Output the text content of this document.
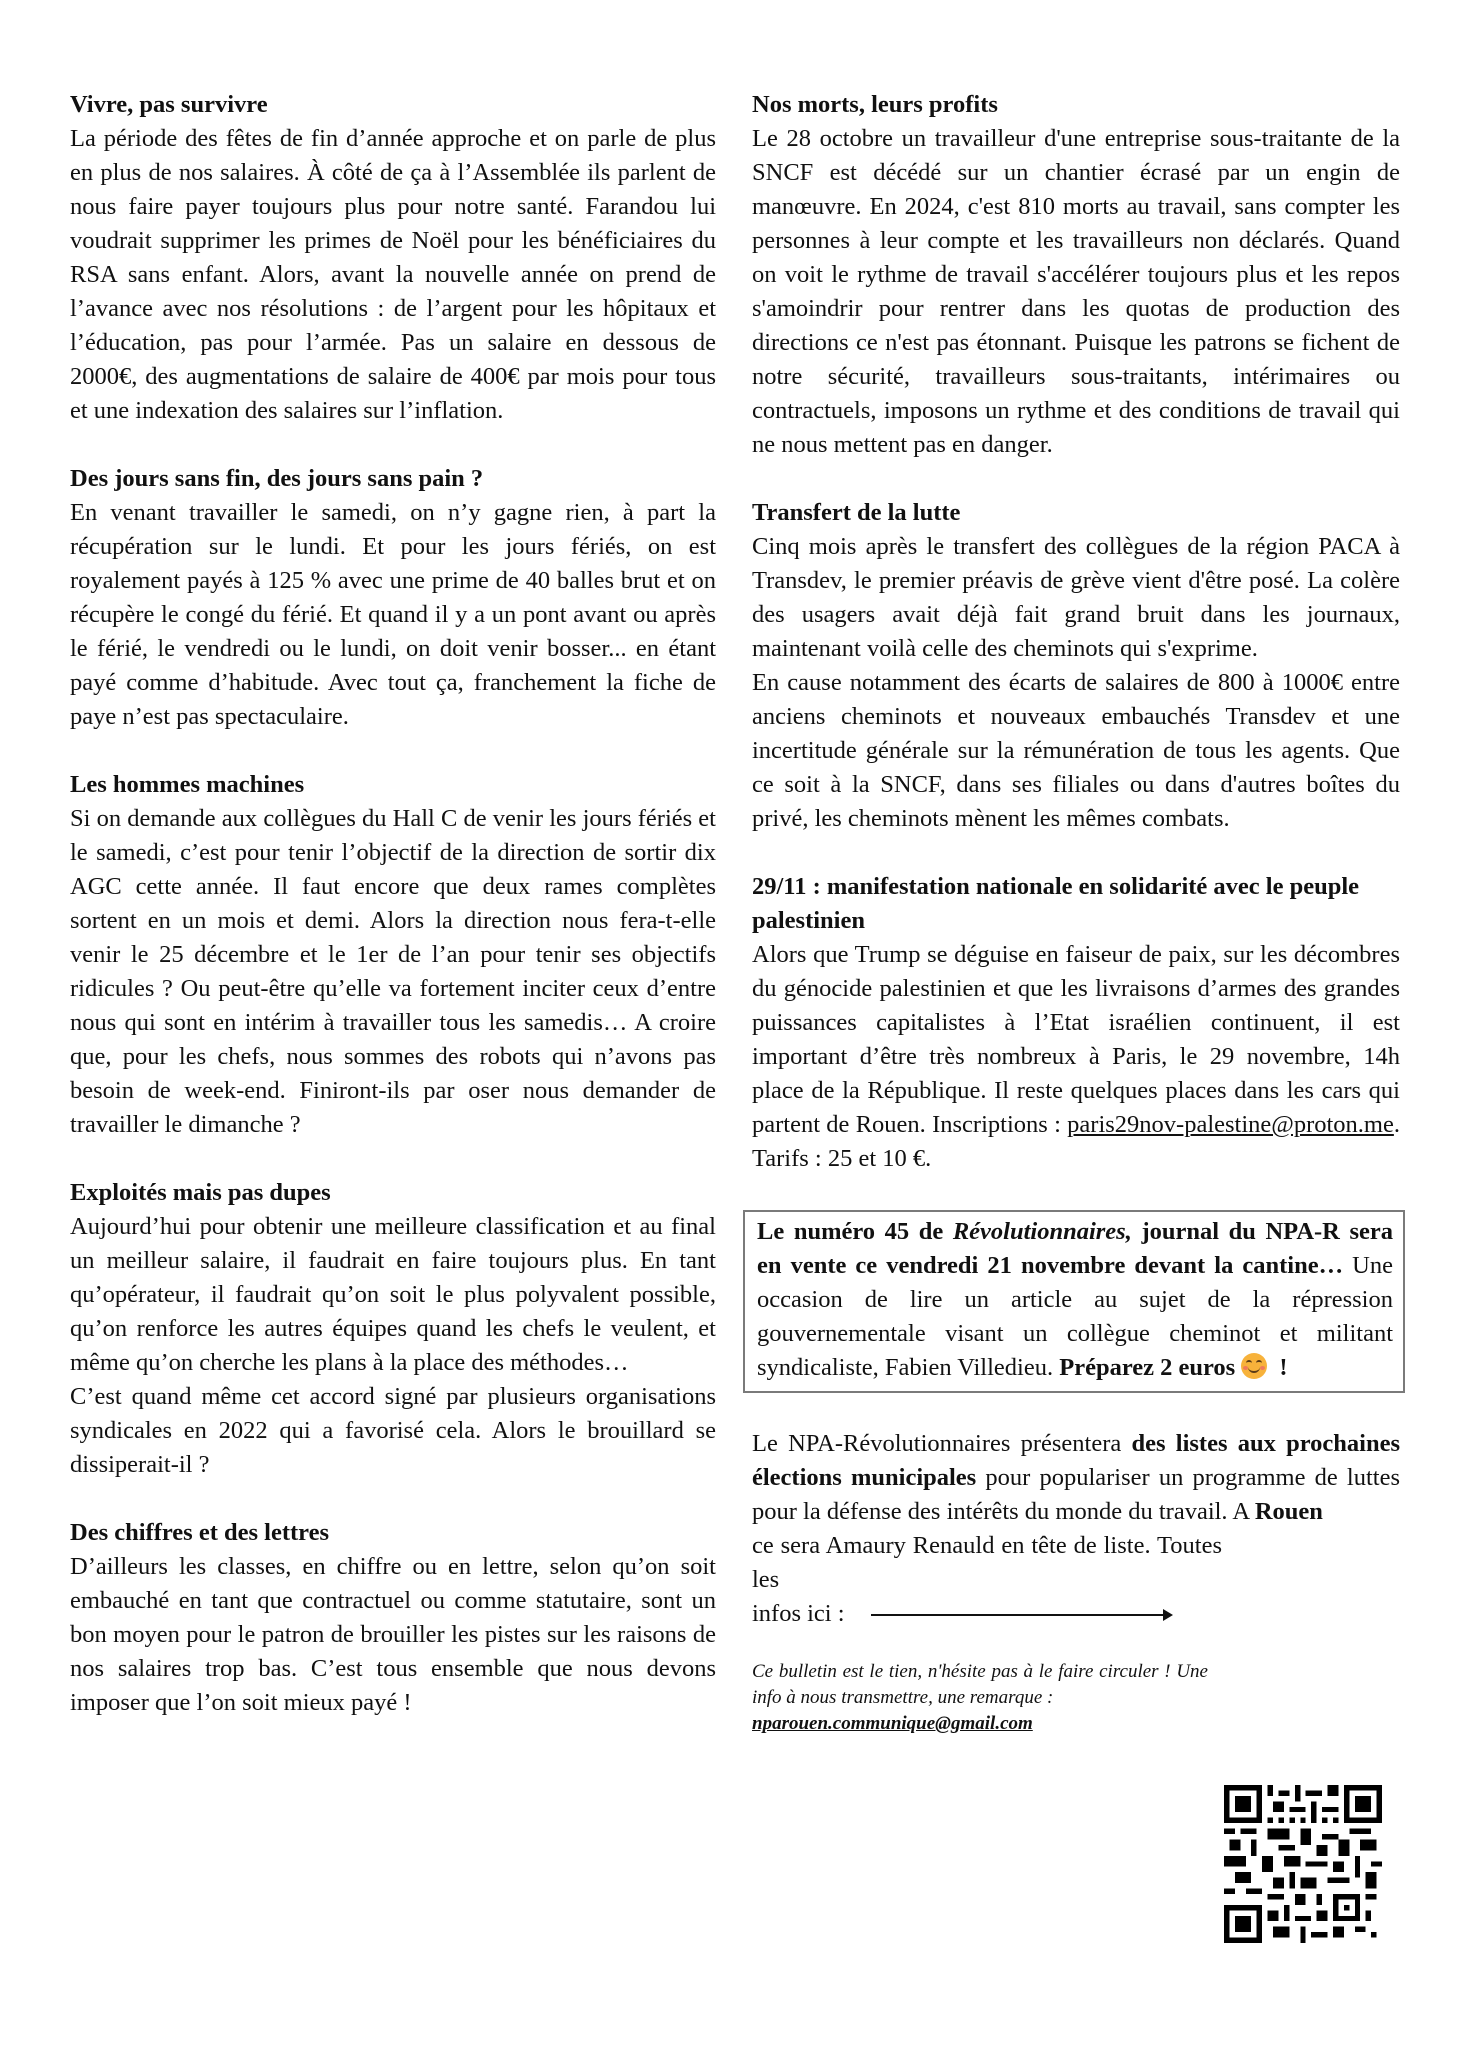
Vivre, pas survivre

La période des fêtes de fin d’année approche et on parle de plus en plus de nos salaires. À côté de ça à l’Assemblée ils parlent de nous faire payer toujours plus pour notre santé. Farandou lui voudrait supprimer les primes de Noël pour les bénéficiaires du RSA sans enfant. Alors, avant la nouvelle année on prend de l’avance avec nos résolutions : de l’argent pour les hôpitaux et l’éducation, pas pour l’armée. Pas un salaire en dessous de 2000€, des augmentations de salaire de 400€ par mois pour tous et une indexation des salaires sur l’inflation.

Des jours sans fin, des jours sans pain ?

En venant travailler le samedi, on n’y gagne rien, à part la récupération sur le lundi. Et pour les jours fériés, on est royalement payés à 125 % avec une prime de 40 balles brut et on récupère le congé du férié. Et quand il y a un pont avant ou après le férié, le vendredi ou le lundi, on doit venir bosser... en étant payé comme d’habitude. Avec tout ça, franchement la fiche de paye n’est pas spectaculaire.

Les hommes machines

Si on demande aux collègues du Hall C de venir les jours fériés et le samedi, c’est pour tenir l’objectif de la direction de sortir dix AGC cette année. Il faut encore que deux rames complètes sortent en un mois et demi. Alors la direction nous fera-t-elle venir le 25 décembre et le 1er de l’an pour tenir ses objectifs ridicules ? Ou peut-être qu’elle va fortement inciter ceux d’entre nous qui sont en intérim à travailler tous les samedis… A croire que, pour les chefs, nous sommes des robots qui n’avons pas besoin de week-end. Finiront-ils par oser nous demander de travailler le dimanche ?

Exploités mais pas dupes

Aujourd’hui pour obtenir une meilleure classification et au final un meilleur salaire, il faudrait en faire toujours plus. En tant qu’opérateur, il faudrait qu’on soit le plus polyvalent possible, qu’on renforce les autres équipes quand les chefs le veulent, et même qu’on cherche les plans à la place des méthodes…

C’est quand même cet accord signé par plusieurs organisations syndicales en 2022 qui a favorisé cela. Alors le brouillard se dissiperait-il ?

Des chiffres et des lettres

D’ailleurs les classes, en chiffre ou en lettre, selon qu’on soit embauché en tant que contractuel ou comme statutaire, sont un bon moyen pour le patron de brouiller les pistes sur les raisons de nos salaires trop bas. C’est tous ensemble que nous devons imposer que l’on soit mieux payé !

Nos morts, leurs profits

Le 28 octobre un travailleur d'une entreprise sous-traitante de la SNCF est décédé sur un chantier écrasé par un engin de manœuvre. En 2024, c'est 810 morts au travail, sans compter les personnes à leur compte et les travailleurs non déclarés. Quand on voit le rythme de travail s'accélérer toujours plus et les repos s'amoindrir pour rentrer dans les quotas de production des directions ce n'est pas étonnant. Puisque les patrons se fichent de notre sécurité, travailleurs sous-traitants, intérimaires ou contractuels, imposons un rythme et des conditions de travail qui ne nous mettent pas en danger.

Transfert de la lutte

Cinq mois après le transfert des collègues de la région PACA à Transdev, le premier préavis de grève vient d'être posé. La colère des usagers avait déjà fait grand bruit dans les journaux, maintenant voilà celle des cheminots qui s'exprime.

En cause notamment des écarts de salaires de 800 à 1000€ entre anciens cheminots et nouveaux embauchés Transdev et une incertitude générale sur la rémunération de tous les agents. Que ce soit à la SNCF, dans ses filiales ou dans d'autres boîtes du privé, les cheminots mènent les mêmes combats.

29/11 : manifestation nationale en solidarité avec le peuple palestinien

Alors que Trump se déguise en faiseur de paix, sur les décombres du génocide palestinien et que les livraisons d’armes des grandes puissances capitalistes à l’Etat israélien continuent, il est important d’être très nombreux à Paris, le 29 novembre, 14h place de la République. Il reste quelques places dans les cars qui partent de Rouen. Inscriptions : paris29nov-palestine@proton.me. Tarifs : 25 et 10 €.

Le numéro 45 de Révolutionnaires, journal du NPA-R sera en vente ce vendredi 21 novembre devant la cantine… Une occasion de lire un article au sujet de la répression gouvernementale visant un collègue cheminot et militant syndicaliste, Fabien Villedieu. Préparez 2 euros
!

Le NPA-Révolutionnaires présentera des listes aux prochaines élections municipales pour populariser un programme de luttes pour la défense des intérêts du monde du travail. A Rouen

ce sera Amaury Renauld en tête de liste. Toutes les

infos ici :
Ce bulletin est le tien, n'hésite pas à le faire circuler ! Une info à nous transmettre, une remarque :
nparouen.communique@gmail.com
